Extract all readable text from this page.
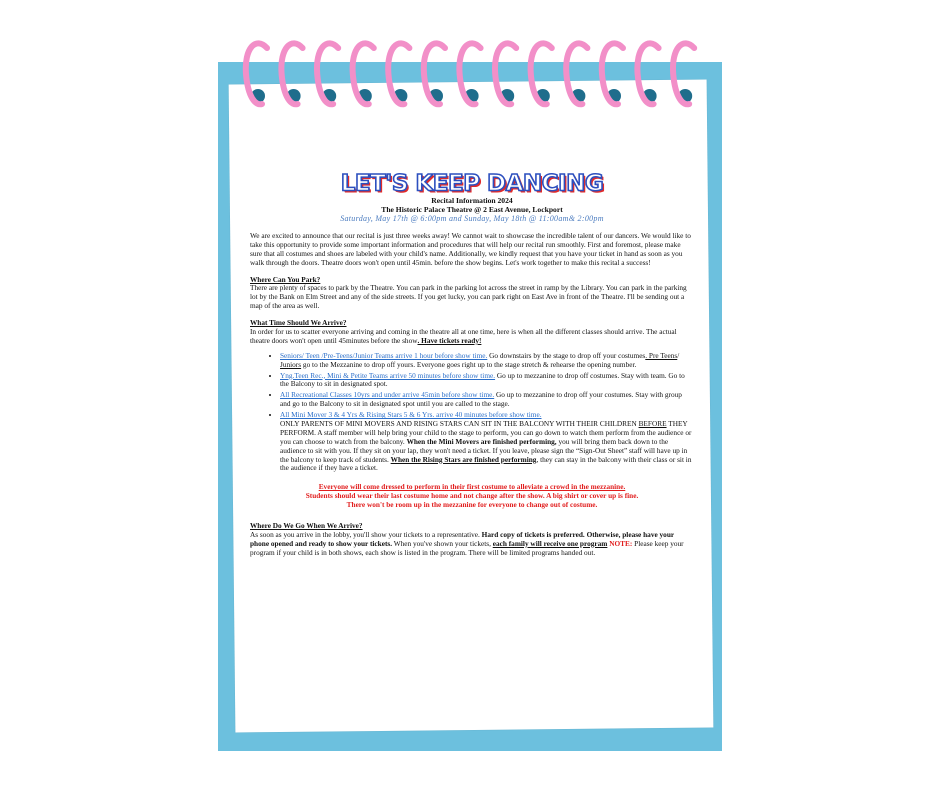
LET'S KEEP DANCING
Recital Information 2024
The Historic Palace Theatre @ 2 East Avenue, Lockport
Saturday, May 17th @ 6:00pm and Sunday, May 18th @ 11:00am& 2:00pm

We are excited to announce that our recital is just three weeks away! We cannot wait to showcase the incredible talent of our dancers. We would like to take this opportunity to provide some important information and procedures that will help our recital run smoothly. First and foremost, please make sure that all costumes and shoes are labeled with your child's name. Additionally, we kindly request that you have your ticket in hand as soon as you walk through the doors. Theatre doors won't open until 45min. before the show begins. Let's work together to make this recital a success!

Where Can You Park?

There are plenty of spaces to park by the Theatre. You can park in the parking lot across the street in ramp by the Library. You can park in the parking lot by the Bank on Elm Street and any of the side streets. If you get lucky, you can park right on East Ave in front of the Theatre. I'll be sending out a map of the area as well.

What Time Should We Arrive?

In order for us to scatter everyone arriving and coming in the theatre all at one time, here is when all the different classes should arrive. The actual theatre doors won't open until 45minutes before the show. Have tickets ready!

• Seniors/ Teen /Pre-Teens/Junior Teams arrive 1 hour before show time. Go downstairs by the stage to drop off your costumes. Pre Teens/ Juniors go to the Mezzanine to drop off yours. Everyone goes right up to the stage stretch & rehearse the opening number.
• Yng.Teen Rec., Mini & Petite Teams arrive 50 minutes before show time. Go up to mezzanine to drop off costumes. Stay with team. Go to the Balcony to sit in designated spot.
• All Recreational Classes 10yrs and under arrive 45min before show time. Go up to mezzanine to drop off your costumes. Stay with group and go to the Balcony to sit in designated spot until you are called to the stage.
• All Mini Mover 3 & 4 Yrs & Rising Stars 5 & 6 Yrs. arrive 40 minutes before show time.
ONLY PARENTS OF MINI MOVERS AND RISING STARS CAN SIT IN THE BALCONY WITH THEIR CHILDREN BEFORE THEY PERFORM. A staff member will help bring your child to the stage to perform, you can go down to watch them perform from the audience or you can choose to watch from the balcony. When the Mini Movers are finished performing, you will bring them back down to the audience to sit with you. If they sit on your lap, they won't need a ticket. If you leave, please sign the “Sign-Out Sheet” staff will have up in the balcony to keep track of students. When the Rising Stars are finished performing, they can stay in the balcony with their class or sit in the audience if they have a ticket.
Everyone will come dressed to perform in their first costume to alleviate a crowd in the mezzanine.
Students should wear their last costume home and not change after the show. A big shirt or cover up is fine.
There won't be room up in the mezzanine for everyone to change out of costume.

Where Do We Go When We Arrive?

As soon as you arrive in the lobby, you'll show your tickets to a representative. Hard copy of tickets is preferred. Otherwise, please have your phone opened and ready to show your tickets. When you've shown your tickets, each family will receive one program NOTE: Please keep your program if your child is in both shows, each show is listed in the program. There will be limited programs handed out.
